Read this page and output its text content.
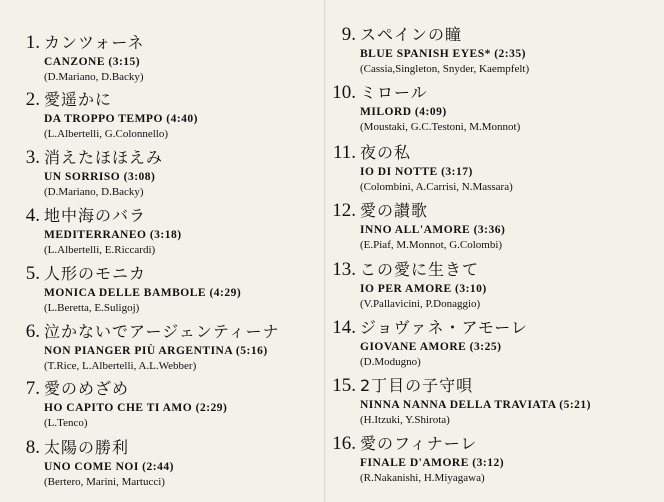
1. カンツォーネ
CANZONE (3:15)
(D.Mariano, D.Backy)
2. 愛遥かに
DA TROPPO TEMPO (4:40)
(L.Albertelli, G.Colonnello)
3. 消えたほほえみ
UN SORRISO (3:08)
(D.Mariano, D.Backy)
4. 地中海のバラ
MEDITERRANEO (3:18)
(L.Albertelli, E.Riccardi)
5. 人形のモニカ
MONICA DELLE BAMBOLE (4:29)
(L.Beretta, E.Suligoj)
6. 泣かないでアージェンティーナ
NON PIANGER PIÙ ARGENTINA (5:16)
(T.Rice, L.Albertelli, A.L.Webber)
7. 愛のめざめ
HO CAPITO CHE TI AMO (2:29)
(L.Tenco)
8. 太陽の勝利
UNO COME NOI (2:44)
(Bertero, Marini, Martucci)
9. スペインの瞳
BLUE SPANISH EYES* (2:35)
(Cassia,Singleton, Snyder, Kaempfelt)
10. ミロール
MILORD (4:09)
(Moustaki, G.C.Testoni, M.Monnot)
11. 夜の私
IO DI NOTTE (3:17)
(Colombini, A.Carrisi, N.Massara)
12. 愛の讃歌
INNO ALL'AMORE (3:36)
(E.Piaf, M.Monnot, G.Colombi)
13. この愛に生きて
IO PER AMORE (3:10)
(V.Pallavicini, P.Donaggio)
14. ジョヴァネ・アモーレ
GIOVANE AMORE (3:25)
(D.Modugno)
15. 2丁目の子守唄
NINNA NANNA DELLA TRAVIATA (5:21)
(H.Itzuki, Y.Shirota)
16. 愛のフィナーレ
FINALE D'AMORE (3:12)
(R.Nakanishi, H.Miyagawa)
